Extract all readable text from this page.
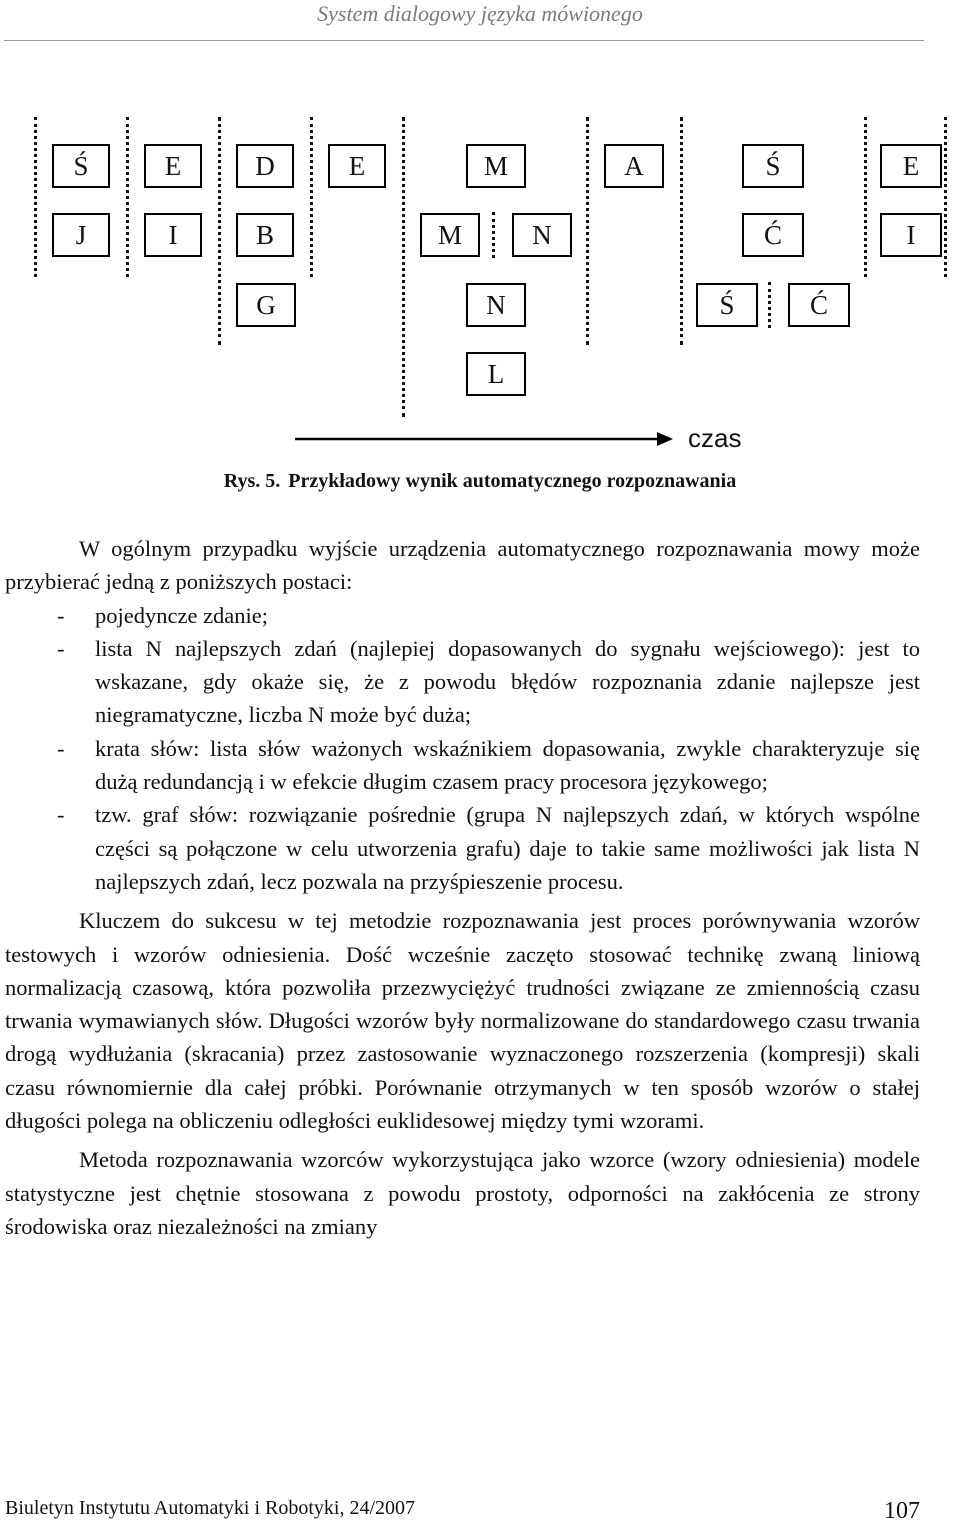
System dialogowy języka mówionego
Ś	E	D	E	M	A	Ś	E
J	I	B	M	N	Ć	I
G	N	Ś	Ć
L
czas
Rys. 5. Przykładowy wynik automatycznego rozpoznawania

W ogólnym przypadku wyjście urządzenia automatycznego rozpoznawania mowy może przybierać jedną z poniższych postaci:

- pojedyncze zdanie;
- lista N najlepszych zdań (najlepiej dopasowanych do sygnału wejściowego): jest to wskazane, gdy okaże się, że z powodu błędów rozpoznania zdanie najlepsze jest niegramatyczne, liczba N może być duża;
- krata słów: lista słów ważonych wskaźnikiem dopasowania, zwykle charakteryzuje się dużą redundancją i w efekcie długim czasem pracy procesora językowego;
- tzw. graf słów: rozwiązanie pośrednie (grupa N najlepszych zdań, w których wspólne części są połączone w celu utworzenia grafu) daje to takie same możliwości jak lista N najlepszych zdań, lecz pozwala na przyśpieszenie procesu.

Kluczem do sukcesu w tej metodzie rozpoznawania jest proces porównywania wzorów testowych i wzorów odniesienia. Dość wcześnie zaczęto stosować technikę zwaną liniową normalizacją czasową, która pozwoliła przezwyciężyć trudności związane ze zmiennością czasu trwania wymawianych słów. Długości wzorów były normalizowane do standardowego czasu trwania drogą wydłużania (skracania) przez zastosowanie wyznaczonego rozszerzenia (kompresji) skali czasu równomiernie dla całej próbki. Porównanie otrzymanych w ten sposób wzorów o stałej długości polega na obliczeniu odległości euklidesowej między tymi wzorami.

Metoda rozpoznawania wzorców wykorzystująca jako wzorce (wzory odniesienia) modele statystyczne jest chętnie stosowana z powodu prostoty, odporności na zakłócenia ze strony środowiska oraz niezależności na zmiany

Biuletyn Instytutu Automatyki i Robotyki, 24/2007	107
